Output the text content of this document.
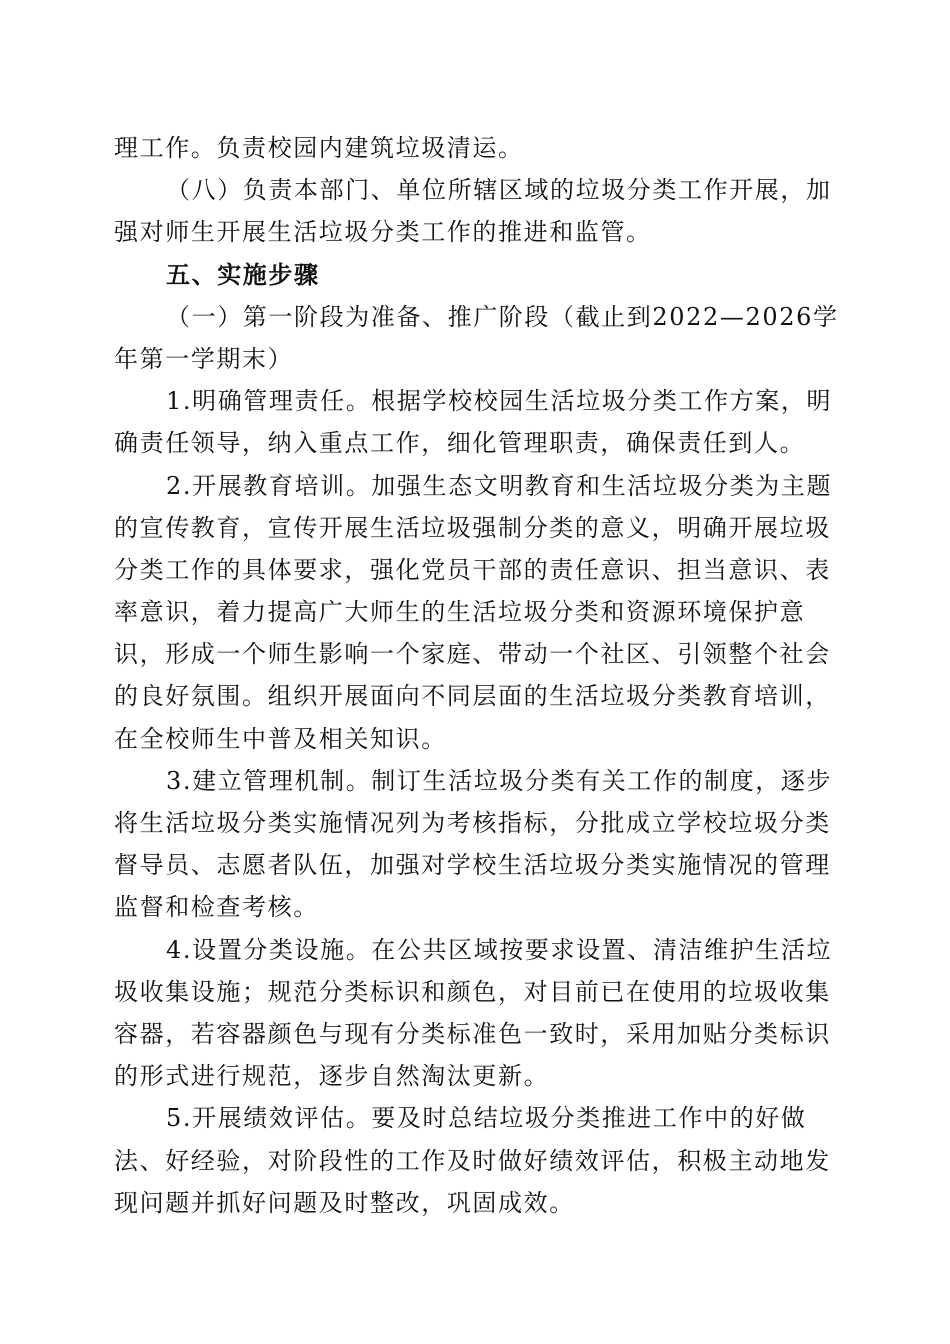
理工作。负责校园内建筑垃圾清运。
（八）负责本部门、单位所辖区域的垃圾分类工作开展，加
强对师生开展生活垃圾分类工作的推进和监管。
五、实施步骤
（一）第一阶段为准备、推广阶段（截止到2022—2026学
年第一学期末）
1.明确管理责任。根据学校校园生活垃圾分类工作方案，明
确责任领导，纳入重点工作，细化管理职责，确保责任到人。
2.开展教育培训。加强生态文明教育和生活垃圾分类为主题
的宣传教育，宣传开展生活垃圾强制分类的意义，明确开展垃圾
分类工作的具体要求，强化党员干部的责任意识、担当意识、表
率意识，着力提高广大师生的生活垃圾分类和资源环境保护意
识，形成一个师生影响一个家庭、带动一个社区、引领整个社会
的良好氛围。组织开展面向不同层面的生活垃圾分类教育培训，
在全校师生中普及相关知识。
3.建立管理机制。制订生活垃圾分类有关工作的制度，逐步
将生活垃圾分类实施情况列为考核指标，分批成立学校垃圾分类
督导员、志愿者队伍，加强对学校生活垃圾分类实施情况的管理
监督和检查考核。
4.设置分类设施。在公共区域按要求设置、清洁维护生活垃
圾收集设施；规范分类标识和颜色，对目前已在使用的垃圾收集
容器，若容器颜色与现有分类标准色一致时，采用加贴分类标识
的形式进行规范，逐步自然淘汰更新。
5.开展绩效评估。要及时总结垃圾分类推进工作中的好做
法、好经验，对阶段性的工作及时做好绩效评估，积极主动地发
现问题并抓好问题及时整改，巩固成效。
